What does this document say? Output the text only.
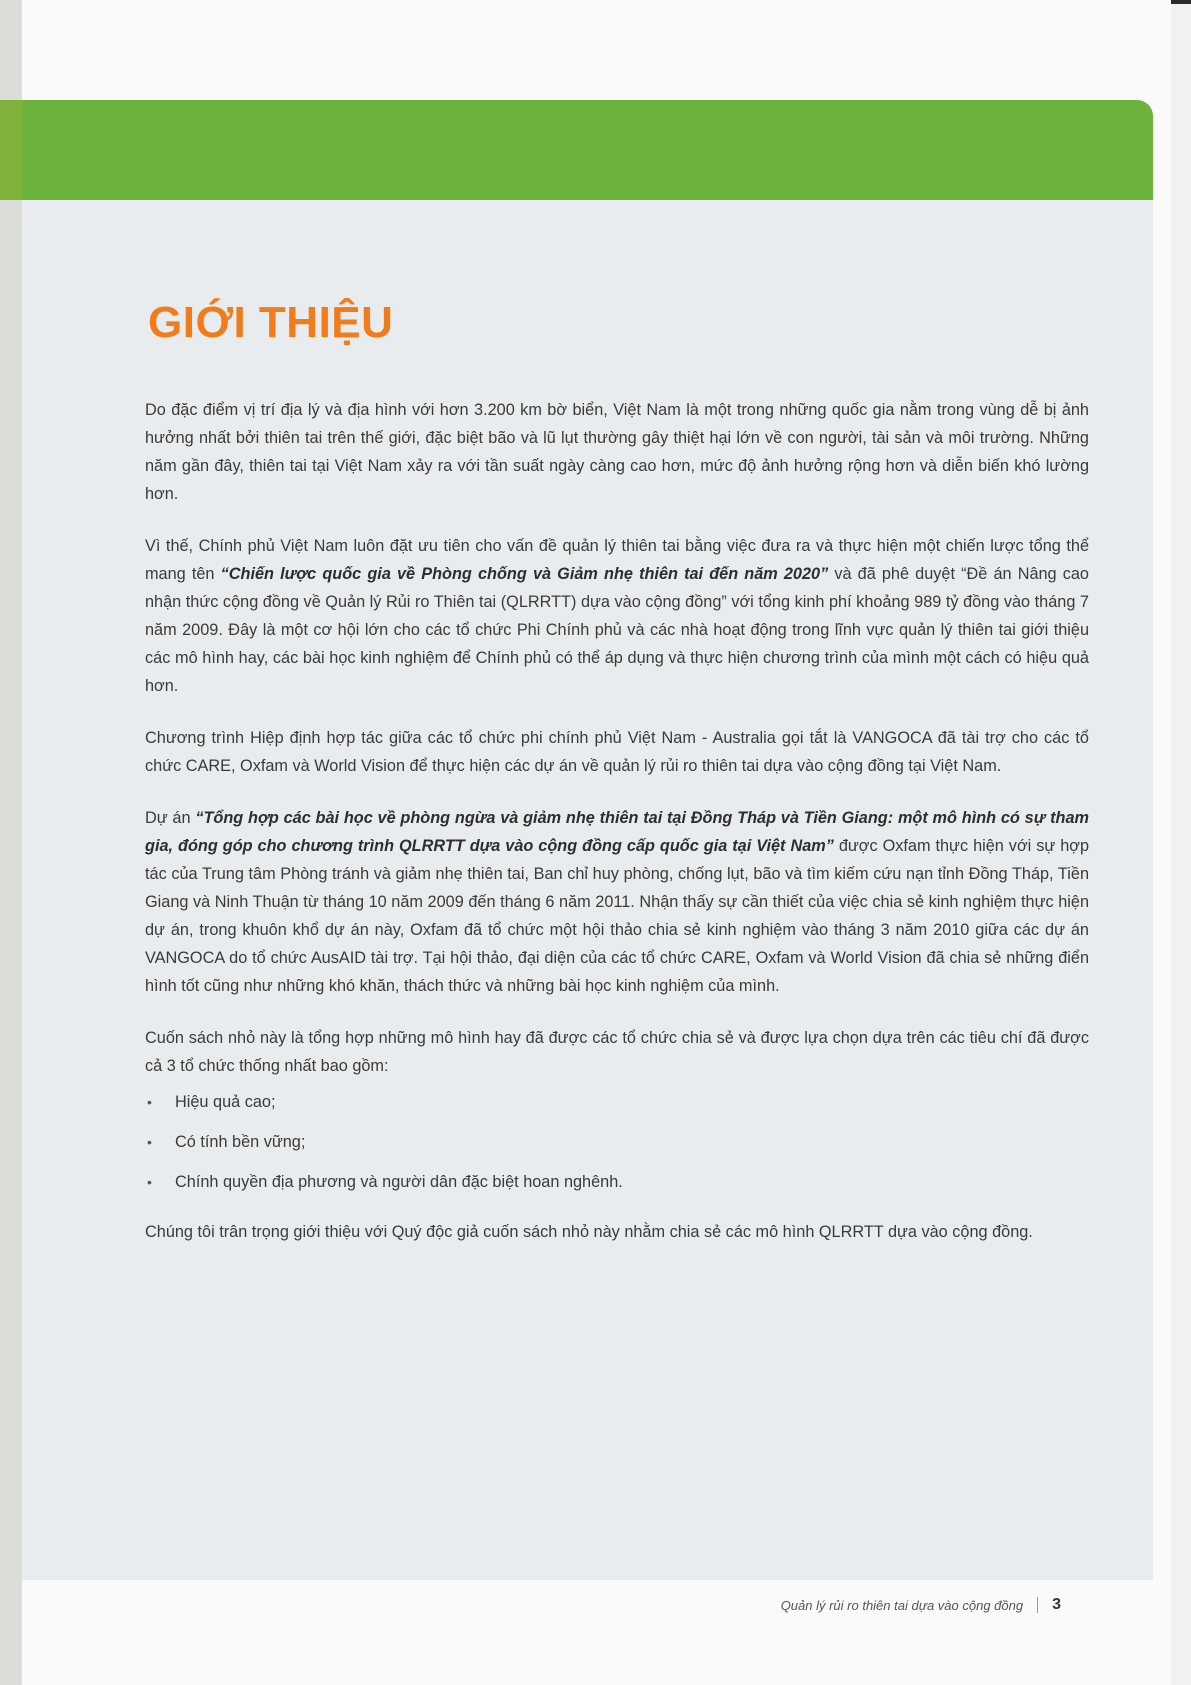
GIỚI THIỆU

Do đặc điểm vị trí địa lý và địa hình với hơn 3.200 km bờ biển, Việt Nam là một trong những quốc gia nằm trong vùng dễ bị ảnh hưởng nhất bởi thiên tai trên thế giới, đặc biệt bão và lũ lụt thường gây thiệt hại lớn về con người, tài sản và môi trường. Những năm gần đây, thiên tai tại Việt Nam xảy ra với tần suất ngày càng cao hơn, mức độ ảnh hưởng rộng hơn và diễn biến khó lường hơn.

Vì thế, Chính phủ Việt Nam luôn đặt ưu tiên cho vấn đề quản lý thiên tai bằng việc đưa ra và thực hiện một chiến lược tổng thể mang tên “Chiến lược quốc gia về Phòng chống và Giảm nhẹ thiên tai đến năm 2020” và đã phê duyệt “Đề án Nâng cao nhận thức cộng đồng về Quản lý Rủi ro Thiên tai (QLRRTT) dựa vào cộng đồng” với tổng kinh phí khoảng 989 tỷ đồng vào tháng 7 năm 2009. Đây là một cơ hội lớn cho các tổ chức Phi Chính phủ và các nhà hoạt động trong lĩnh vực quản lý thiên tai giới thiệu các mô hình hay, các bài học kinh nghiệm để Chính phủ có thể áp dụng và thực hiện chương trình của mình một cách có hiệu quả hơn.

Chương trình Hiệp định hợp tác giữa các tổ chức phi chính phủ Việt Nam - Australia gọi tắt là VANGOCA đã tài trợ cho các tổ chức CARE, Oxfam và World Vision để thực hiện các dự án về quản lý rủi ro thiên tai dựa vào cộng đồng tại Việt Nam.

Dự án “Tổng hợp các bài học về phòng ngừa và giảm nhẹ thiên tai tại Đồng Tháp và Tiền Giang: một mô hình có sự tham gia, đóng góp cho chương trình QLRRTT dựa vào cộng đồng cấp quốc gia tại Việt Nam” được Oxfam thực hiện với sự hợp tác của Trung tâm Phòng tránh và giảm nhẹ thiên tai, Ban chỉ huy phòng, chống lụt, bão và tìm kiếm cứu nạn tỉnh Đồng Tháp, Tiền Giang và Ninh Thuận từ tháng 10 năm 2009 đến tháng 6 năm 2011. Nhận thấy sự cần thiết của việc chia sẻ kinh nghiệm thực hiện dự án, trong khuôn khổ dự án này, Oxfam đã tổ chức một hội thảo chia sẻ kinh nghiệm vào tháng 3 năm 2010 giữa các dự án VANGOCA do tổ chức AusAID tài trợ. Tại hội thảo, đại diện của các tổ chức CARE, Oxfam và World Vision đã chia sẻ những điển hình tốt cũng như những khó khăn, thách thức và những bài học kinh nghiệm của mình.

Cuốn sách nhỏ này là tổng hợp những mô hình hay đã được các tổ chức chia sẻ và được lựa chọn dựa trên các tiêu chí đã được cả 3 tổ chức thống nhất bao gồm:

•	Hiệu quả cao;
•	Có tính bền vững;
•	Chính quyền địa phương và người dân đặc biệt hoan nghênh.

Chúng tôi trân trọng giới thiệu với Quý độc giả cuốn sách nhỏ này nhằm chia sẻ các mô hình QLRRTT dựa vào cộng đồng.

Quản lý rủi ro thiên tai dựa vào cộng đồng 3
